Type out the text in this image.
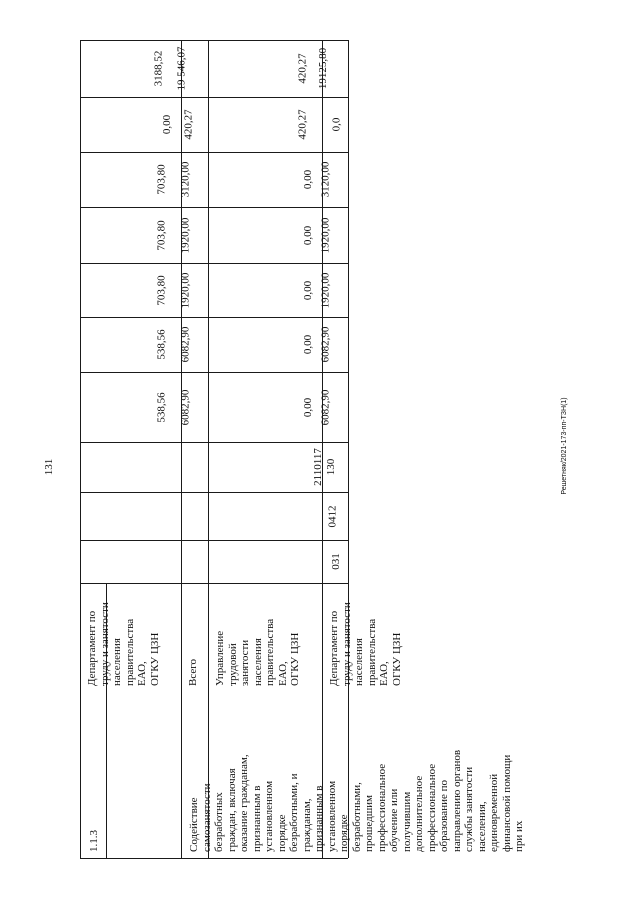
131	Решетняк/2021-173-пп-ТЗН(1)
1.1.3	Содействие самозанятости безработных граждан, включая оказание гражданам, признанным в установленном порядке безработными, и гражданам, признанным в установленном порядке безработными, прошедшим профессиональное обучение или получившим дополнительное профессиональное образование по направлению органов службы занятости населения, единовременной финансовой помощи при их
Департамент по труду и занятости населения правительства ЕАО, ОГКУ ЦЗН
3188,52
0,00
703,80
703,80
703,80
538,56
538,56
Всего
19 546,07
420,27
3120,00
1920,00
1920,00
6082,90
6082,90
Управление трудовой занятости населения правительства ЕАО, ОГКУ ЦЗН
420,27
420,27
0,00
0,00
0,00
0,00
0,00
Департамент по труду и занятости населения правительства ЕАО, ОГКУ ЦЗН
031
0412
2110117
130
19125,80
0,0
3120,00
1920,00
1920,00
6082,90
6082,90
